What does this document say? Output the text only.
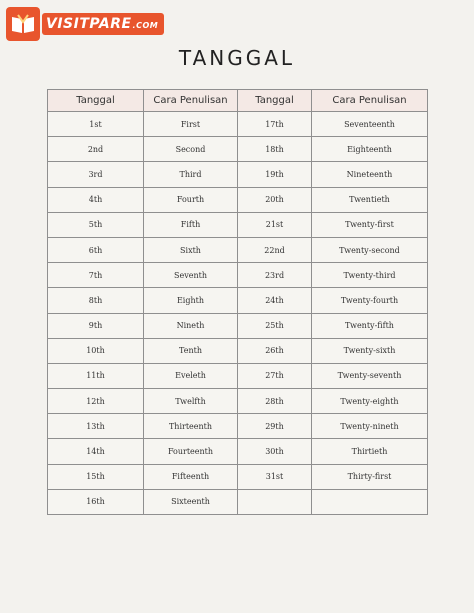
VISITPARE .COM
TANGGAL
Tanggal	Cara Penulisan	Tanggal	Cara Penulisan
1st	First	17th	Seventeenth
2nd	Second	18th	Eighteenth
3rd	Third	19th	Nineteenth
4th	Fourth	20th	Twentieth
5th	Fifth	21st	Twenty-first
6th	Sixth	22nd	Twenty-second
7th	Seventh	23rd	Twenty-third
8th	Eighth	24th	Twenty-fourth
9th	Nineth	25th	Twenty-fifth
10th	Tenth	26th	Twenty-sixth
11th	Eveleth	27th	Twenty-seventh
12th	Twelfth	28th	Twenty-eighth
13th	Thirteenth	29th	Twenty-nineth
14th	Fourteenth	30th	Thirtieth
15th	Fifteenth	31st	Thirty-first
16th	Sixteenth		
